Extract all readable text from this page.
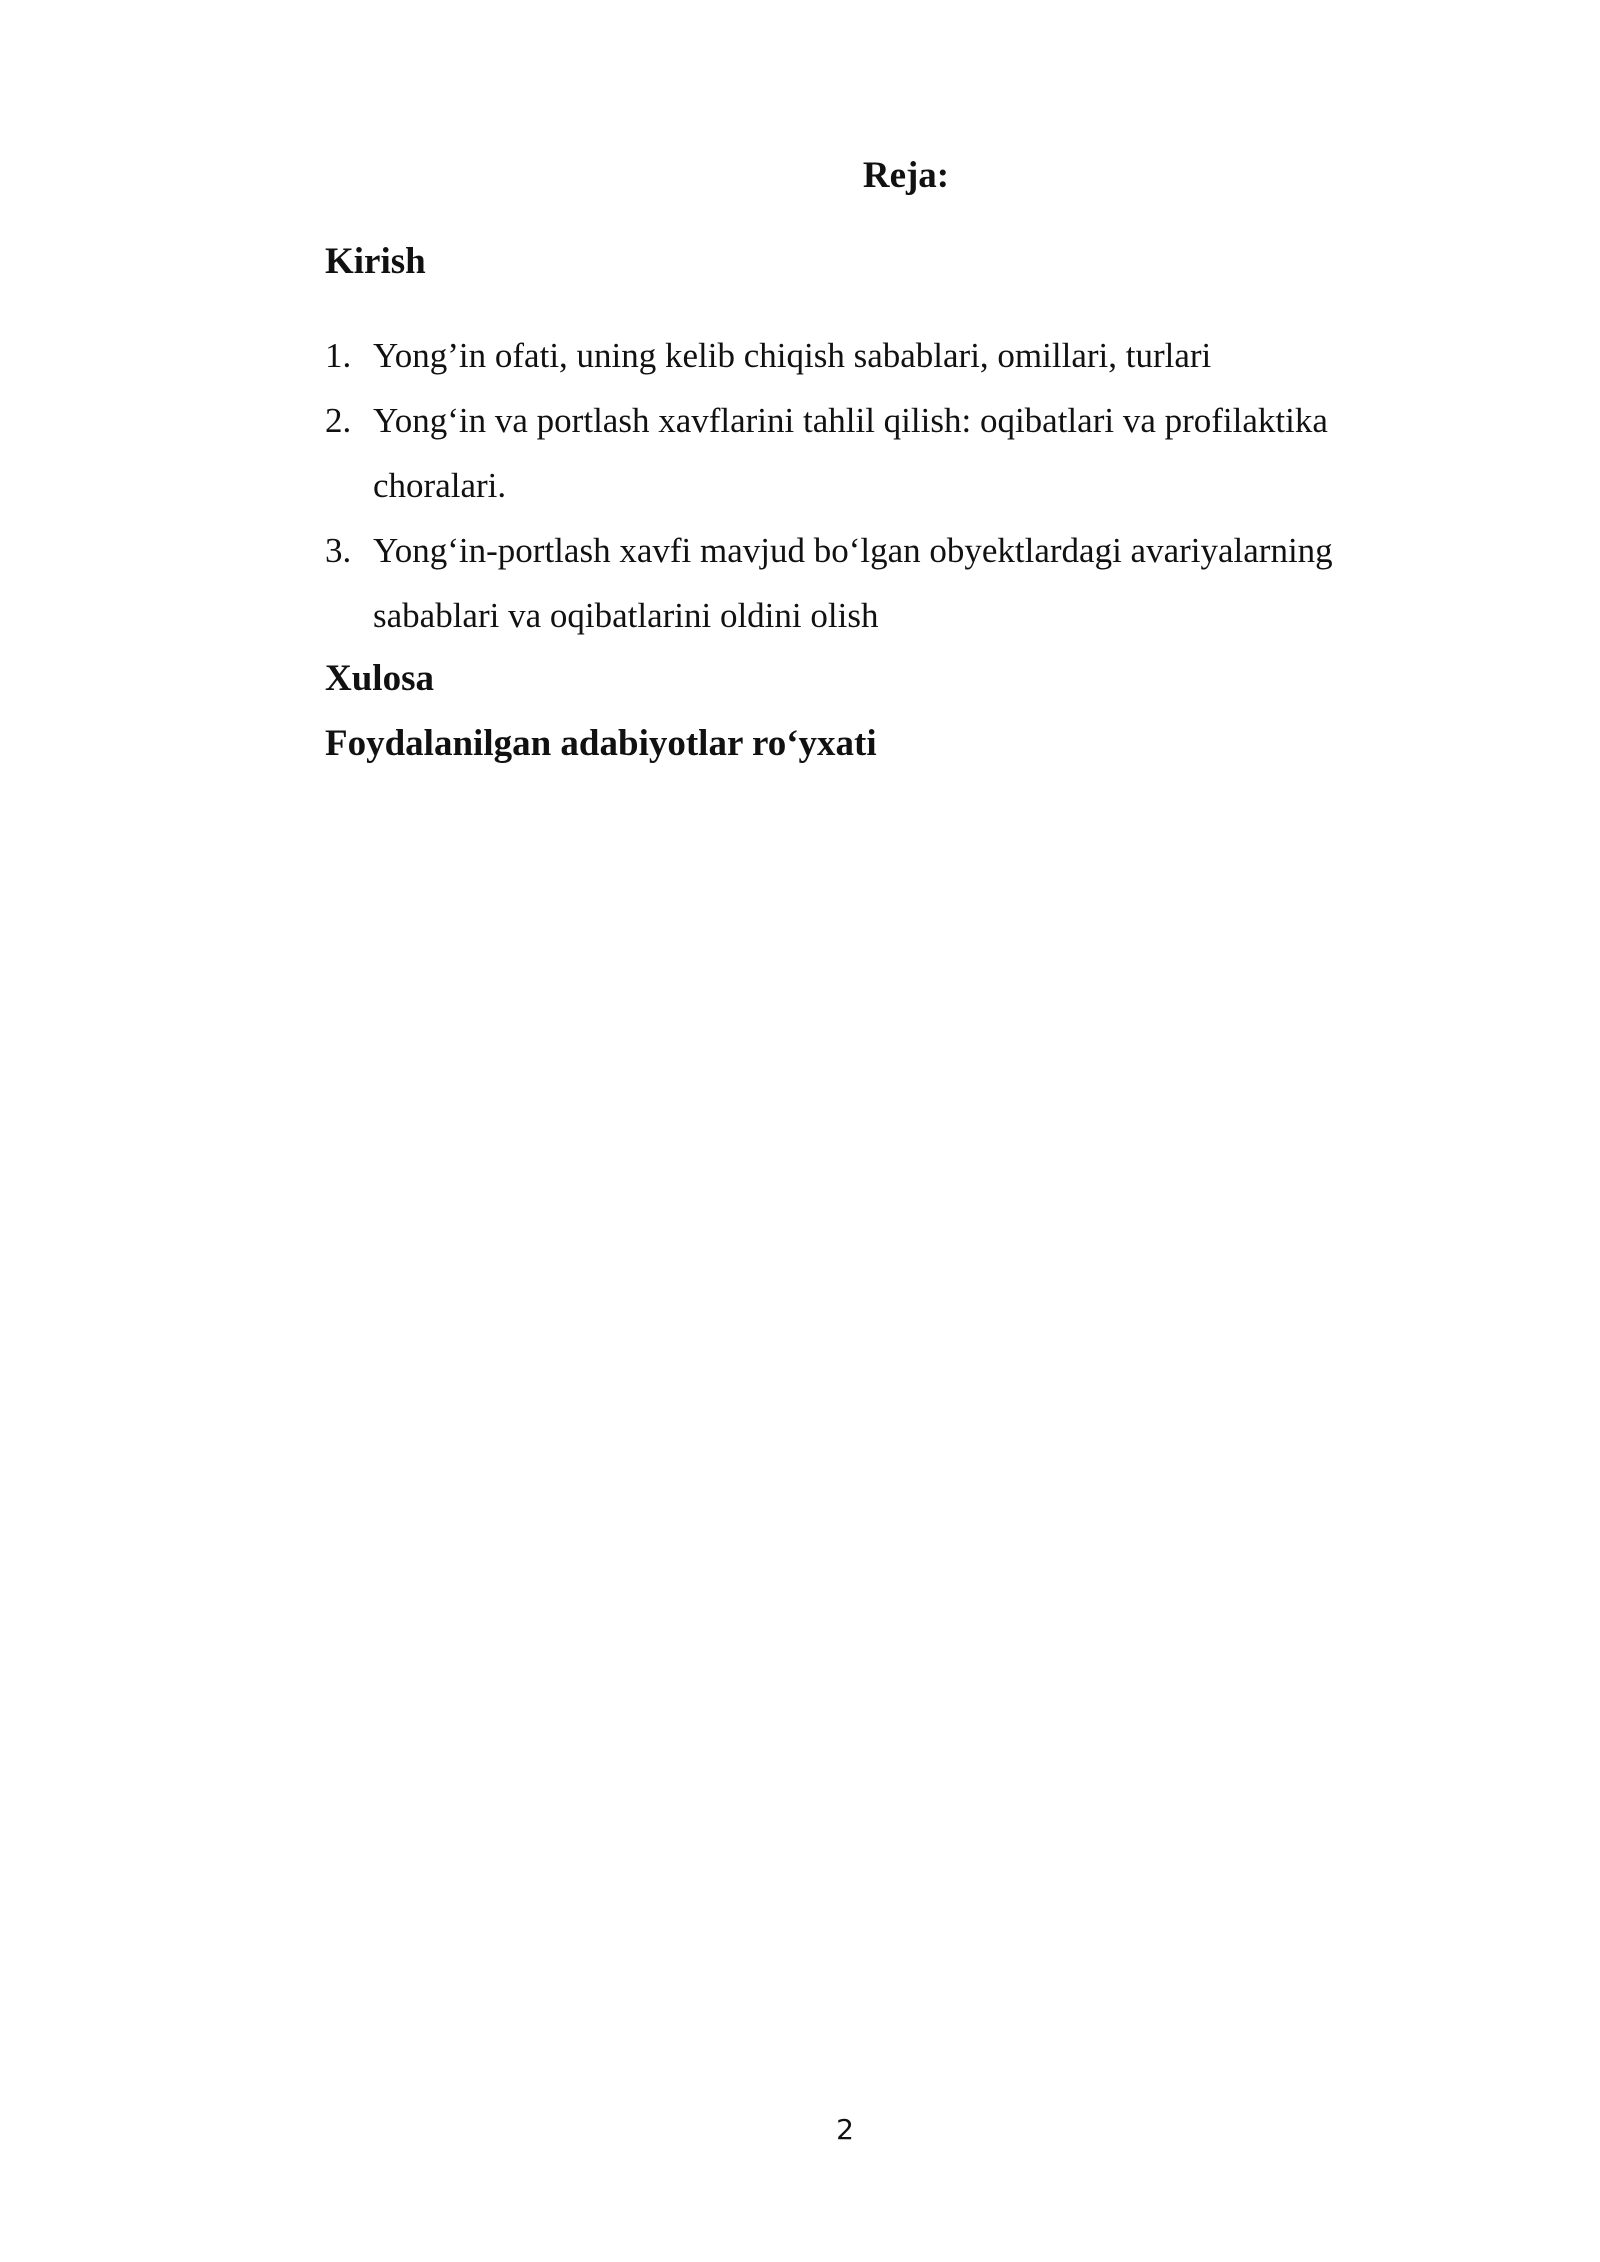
Reja:
Kirish
1. Yong’in ofati, uning kelib chiqish sabablari, omillari, turlari
2. Yong‘in va portlash xavflarini tahlil qilish: oqibatlari va profilaktika choralari.
3. Yong‘in-portlash xavfi mavjud bo‘lgan obyektlardagi avariyalarning sabablari va oqibatlarini oldini olish
Xulosa
Foydalanilgan adabiyotlar ro‘yxati
2
